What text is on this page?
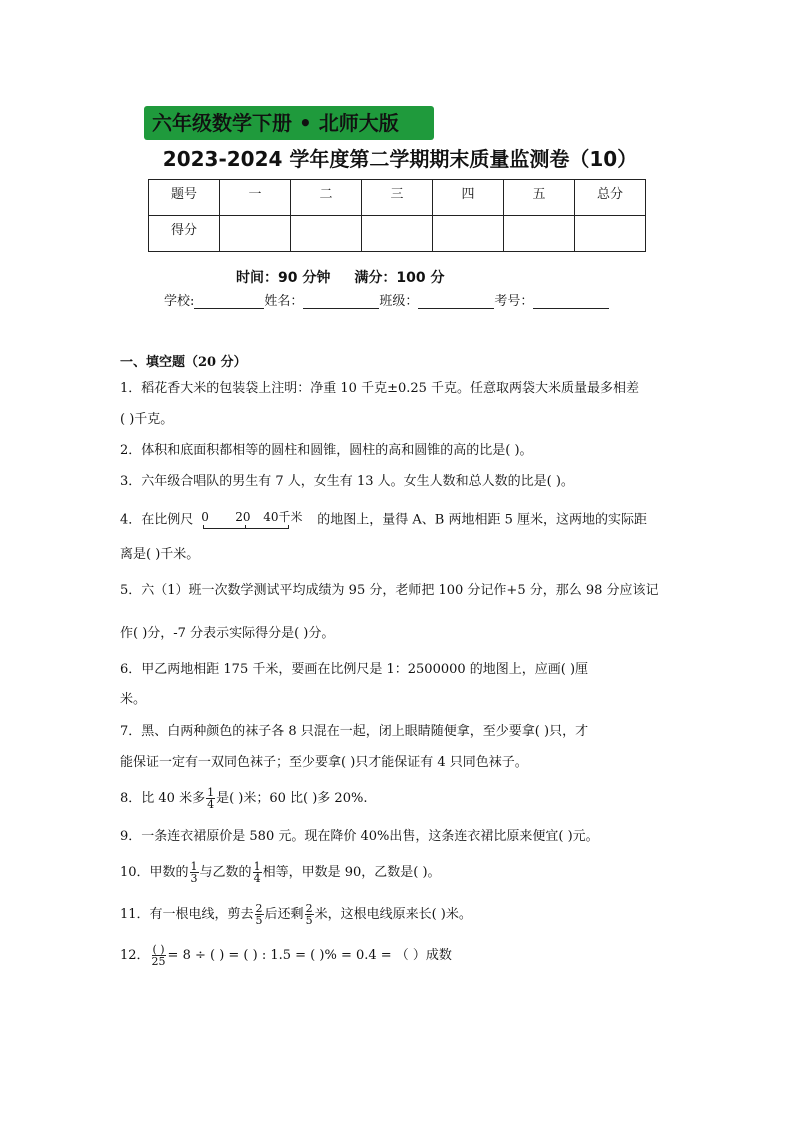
六年级数学下册 • 北师大版
2023-2024 学年度第二学期期末质量监测卷（10）
题号	一	二	三	四	五	总分
得分						
时间：90 分钟 满分：100 分
学校:	姓名：	班级：	考号：
一、填空题（20 分）
1．稻花香大米的包装袋上注明：净重 10 千克±0.25 千克。任意取两袋大米质量最多相差
( )千克。
2．体积和底面积都相等的圆柱和圆锥，圆柱的高和圆锥的高的比是( )。
3．六年级合唱队的男生有 7 人，女生有 13 人。女生人数和总人数的比是( )。
4．在比例尺 0 20 40千米 的地图上，量得 A、B 两地相距 5 厘米，这两地的实际距
离是( )千米。
5．六（1）班一次数学测试平均成绩为 95 分，老师把 100 分记作+5 分，那么 98 分应该记
作( )分，-7 分表示实际得分是( )分。
6．甲乙两地相距 175 千米，要画在比例尺是 1：2500000 的地图上，应画( )厘
米。
7．黑、白两种颜色的袜子各 8 只混在一起，闭上眼睛随便拿，至少要拿( )只，才
能保证一定有一双同色袜子；至少要拿( )只才能保证有 4 只同色袜子。
8．比 40 米多 $\frac{1}{4}$ 是( )米；60 比( )多 20%.
9．一条连衣裙原价是 580 元。现在降价 40%出售，这条连衣裙比原来便宜( )元。
10．甲数的 $\frac{1}{3}$ 与乙数的 $\frac{1}{4}$ 相等，甲数是 90，乙数是( )。
11．有一根电线，剪去 $\frac{2}{5}$ 后还剩 $\frac{2}{5}$ 米，这根电线原来长( )米。
12． ( )
25 = 8 ÷ ( ) = ( ) : 1.5 = ( )% = 0.4 = （ ）成数
